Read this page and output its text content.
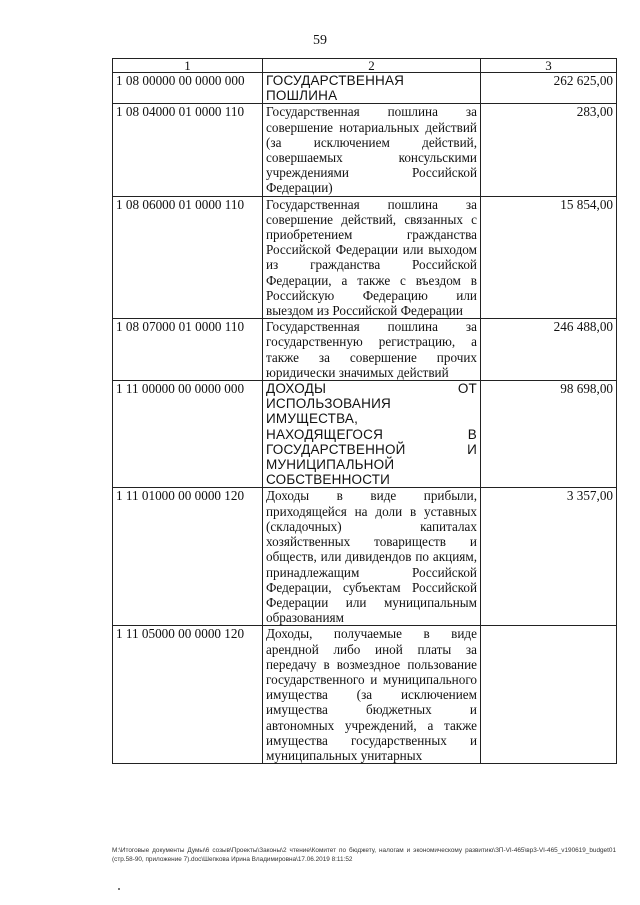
59
1	2	3
1 08 00000 00 0000 000	ГОСУДАРСТВЕННАЯ ПОШЛИНА	262 625,00
1 08 04000 01 0000 110	Государственная пошлина за совершение нотариальных действий (за исключением действий, совершаемых консульскими учреждениями Российской Федерации)	283,00
1 08 06000 01 0000 110	Государственная пошлина за совершение действий, связанных с приобретением гражданства Российской Федерации или выходом из гражданства Российской Федерации, а также с въездом в Российскую Федерацию или выездом из Российской Федерации	15 854,00
1 08 07000 01 0000 110	Государственная пошлина за государственную регистрацию, а также за совершение прочих юридически значимых действий	246 488,00
1 11 00000 00 0000 000	ДОХОДЫ ОТ ИСПОЛЬЗОВАНИЯ ИМУЩЕСТВА, НАХОДЯЩЕГОСЯ В ГОСУДАРСТВЕННОЙ И МУНИЦИПАЛЬНОЙ СОБСТВЕННОСТИ	98 698,00
1 11 01000 00 0000 120	Доходы в виде прибыли, приходящейся на доли в уставных (складочных) капиталах хозяйственных товариществ и обществ, или дивидендов по акциям, принадлежащим Российской Федерации, субъектам Российской Федерации или муниципальным образованиям	3 357,00
1 11 05000 00 0000 120	Доходы, получаемые в виде арендной либо иной платы за передачу в возмездное пользование государственного и муниципального имущества (за исключением имущества бюджетных и автономных учреждений, а также имущества государственных и муниципальных унитарных	
М:\Итоговые документы Думы\6 созыв\Проекты\Законы\2 чтение\Комитет по бюджету, налогам и экономическому развитию\ЗП-VI-465\вр3-VI-465_v190619_budget01 (стр.58-90, приложение 7).doc\Шепкова Ирина Владимировна\17.06.2019 8:11:52
